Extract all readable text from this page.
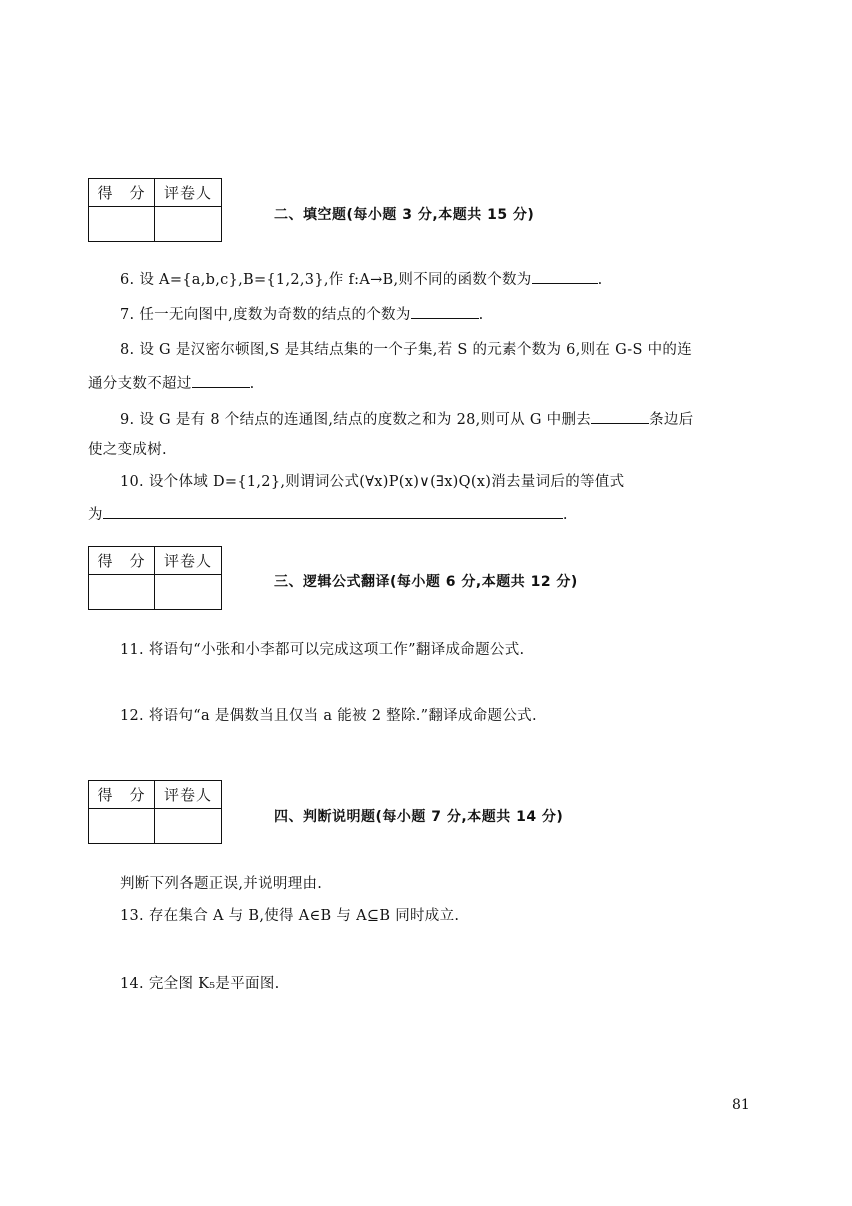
得　分	评卷人
二、填空题(每小题 3 分,本题共 15 分)
6. 设 A={a,b,c},B={1,2,3},作 f:A→B,则不同的函数个数为	.
7. 任一无向图中,度数为奇数的结点的个数为	.
8. 设 G 是汉密尔顿图,S 是其结点集的一个子集,若 S 的元素个数为 6,则在 G-S 中的连
通分支数不超过	.
9. 设 G 是有 8 个结点的连通图,结点的度数之和为 28,则可从 G 中删去	条边后
使之变成树.
10. 设个体域 D={1,2},则谓词公式(∀x)P(x)∨(∃x)Q(x)消去量词后的等值式
为	.
得　分	评卷人
三、逻辑公式翻译(每小题 6 分,本题共 12 分)
11. 将语句“小张和小李都可以完成这项工作”翻译成命题公式.
12. 将语句“a 是偶数当且仅当 a 能被 2 整除.”翻译成命题公式.
得　分	评卷人
四、判断说明题(每小题 7 分,本题共 14 分)
判断下列各题正误,并说明理由.
13. 存在集合 A 与 B,使得 A∈B 与 A⊆B 同时成立.
14. 完全图 K₅是平面图.
81
